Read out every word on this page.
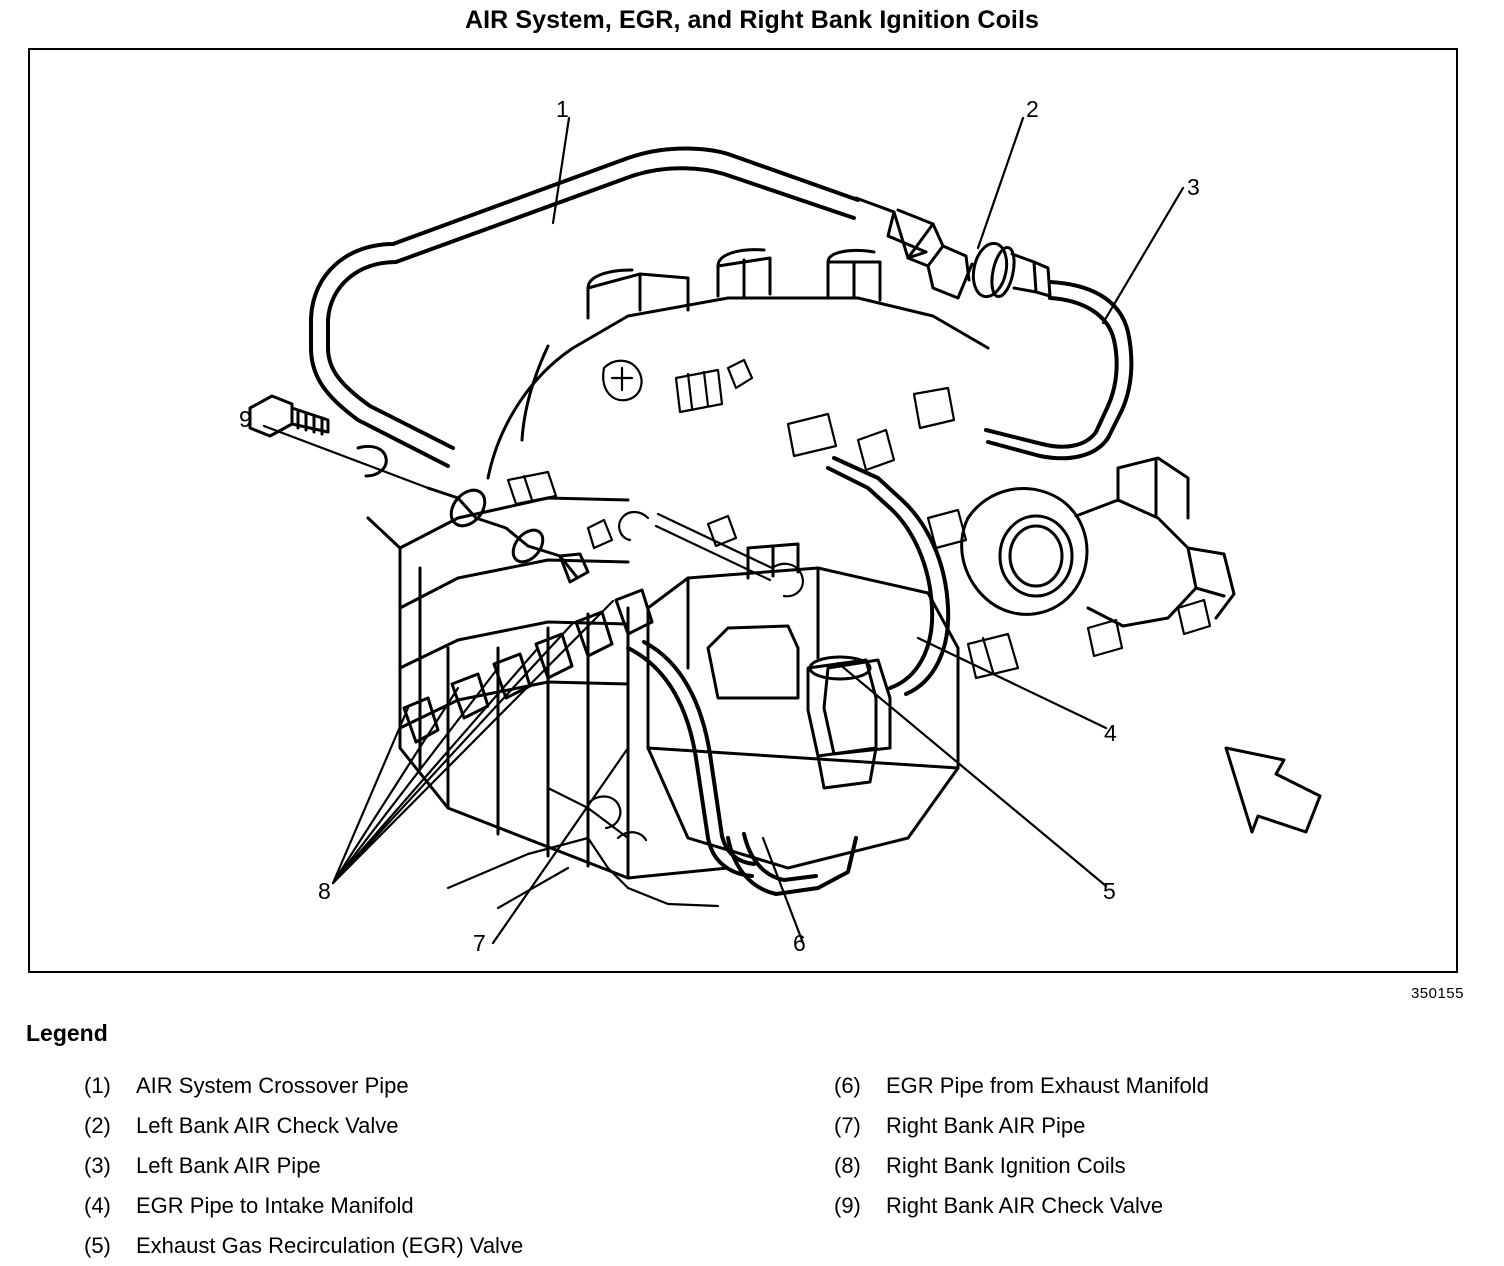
AIR System, EGR, and Right Bank Ignition Coils
1	2
3
9
4
5
8
7	6
350155
Legend
(1)	AIR System Crossover Pipe
(2)	Left Bank AIR Check Valve
(3)	Left Bank AIR Pipe
(4)	EGR Pipe to Intake Manifold
(5)	Exhaust Gas Recirculation (EGR) Valve
(6)	EGR Pipe from Exhaust Manifold
(7)	Right Bank AIR Pipe
(8)	Right Bank Ignition Coils
(9)	Right Bank AIR Check Valve
